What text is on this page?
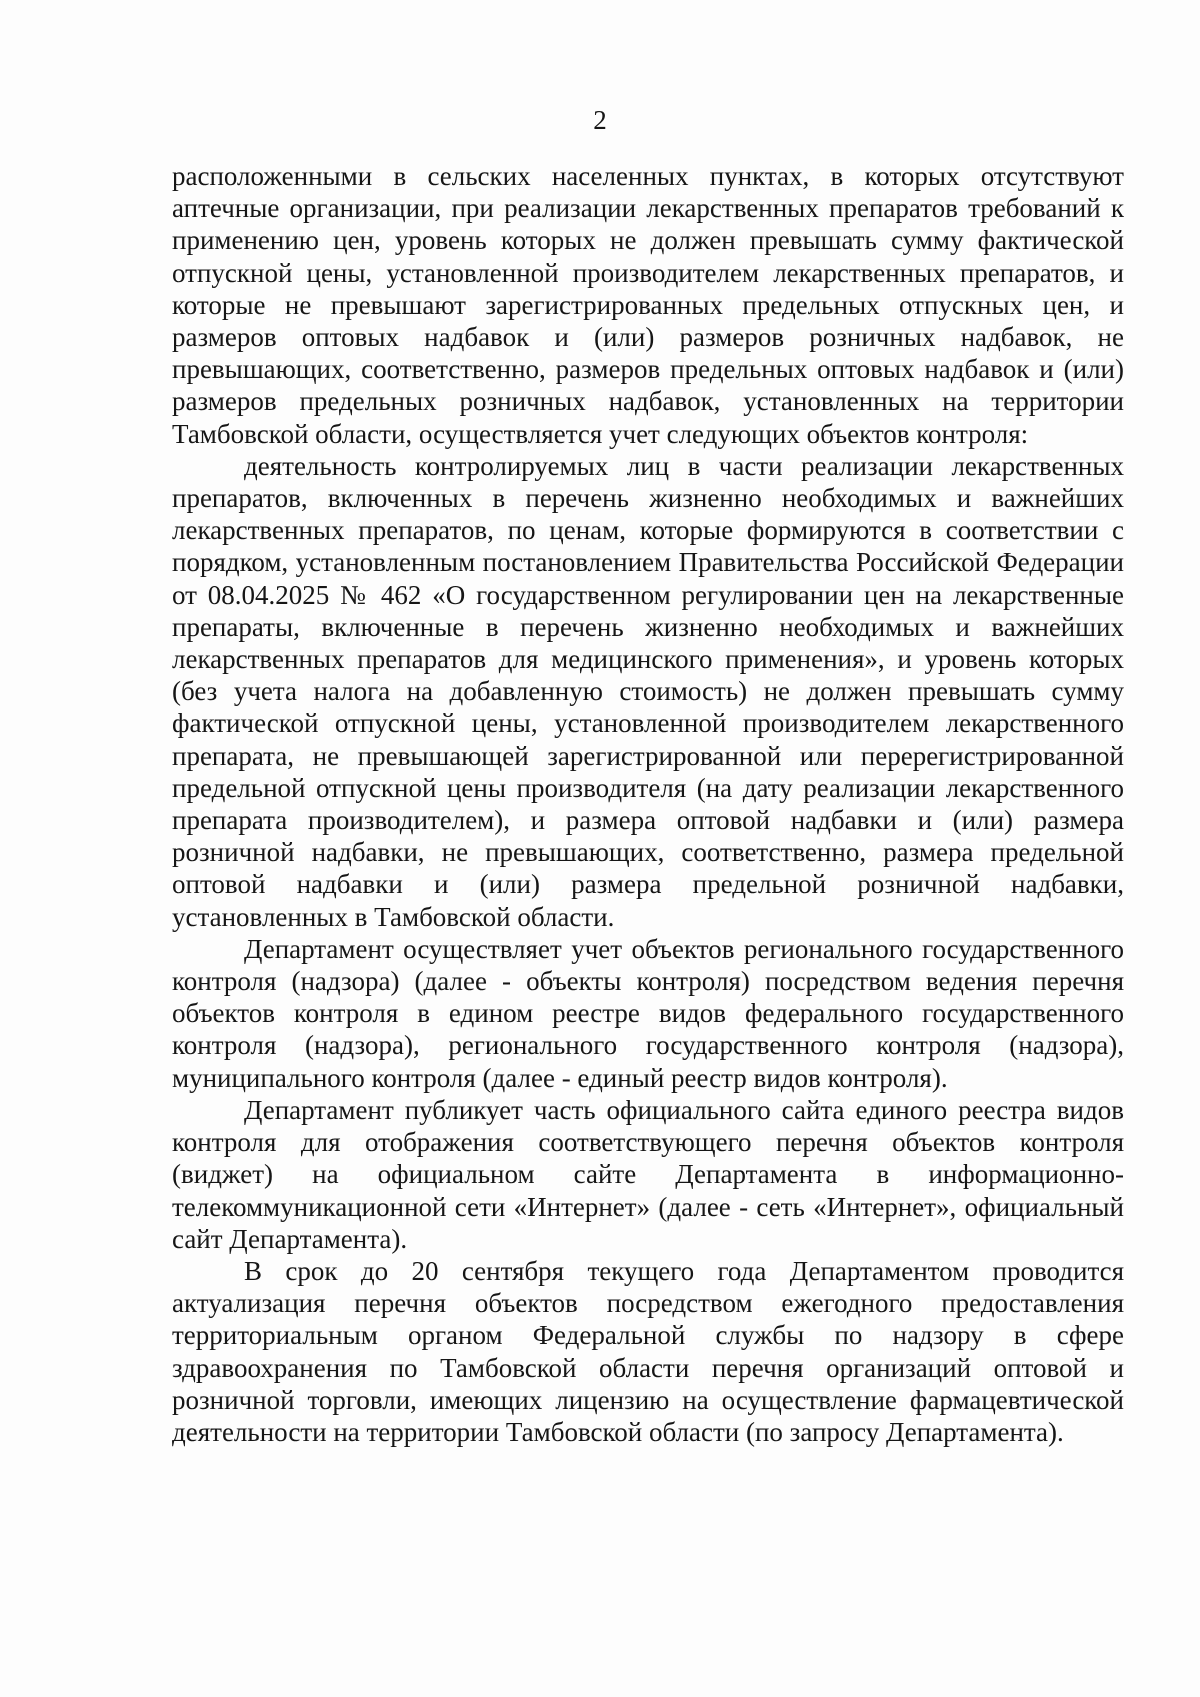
2

расположенными в сельских населенных пунктах, в которых отсутствуют аптечные организации, при реализации лекарственных препаратов требований к применению цен, уровень которых не должен превышать сумму фактической отпускной цены, установленной производителем лекарственных препаратов, и которые не превышают зарегистрированных предельных отпускных цен, и размеров оптовых надбавок и (или) размеров розничных надбавок, не превышающих, соответственно, размеров предельных оптовых надбавок и (или) размеров предельных розничных надбавок, установленных на территории Тамбовской области, осуществляется учет следующих объектов контроля:

деятельность контролируемых лиц в части реализации лекарственных препаратов, включенных в перечень жизненно необходимых и важнейших лекарственных препаратов, по ценам, которые формируются в соответствии с порядком, установленным постановлением Правительства Российской Федерации от 08.04.2025 № 462 «О государственном регулировании цен на лекарственные препараты, включенные в перечень жизненно необходимых и важнейших лекарственных препаратов для медицинского применения», и уровень которых (без учета налога на добавленную стоимость) не должен превышать сумму фактической отпускной цены, установленной производителем лекарственного препарата, не превышающей зарегистрированной или перерегистрированной предельной отпускной цены производителя (на дату реализации лекарственного препарата производителем), и размера оптовой надбавки и (или) размера розничной надбавки, не превышающих, соответственно, размера предельной оптовой надбавки и (или) размера предельной розничной надбавки, установленных в Тамбовской области.

Департамент осуществляет учет объектов регионального государственного контроля (надзора) (далее - объекты контроля) посредством ведения перечня объектов контроля в едином реестре видов федерального государственного контроля (надзора), регионального государственного контроля (надзора), муниципального контроля (далее - единый реестр видов контроля).

Департамент публикует часть официального сайта единого реестра видов контроля для отображения соответствующего перечня объектов контроля (виджет) на официальном сайте Департамента в информационно-телекоммуникационной сети «Интернет» (далее - сеть «Интернет», официальный сайт Департамента).

В срок до 20 сентября текущего года Департаментом проводится актуализация перечня объектов посредством ежегодного предоставления территориальным органом Федеральной службы по надзору в сфере здравоохранения по Тамбовской области перечня организаций оптовой и розничной торговли, имеющих лицензию на осуществление фармацевтической деятельности на территории Тамбовской области (по запросу Департамента).
